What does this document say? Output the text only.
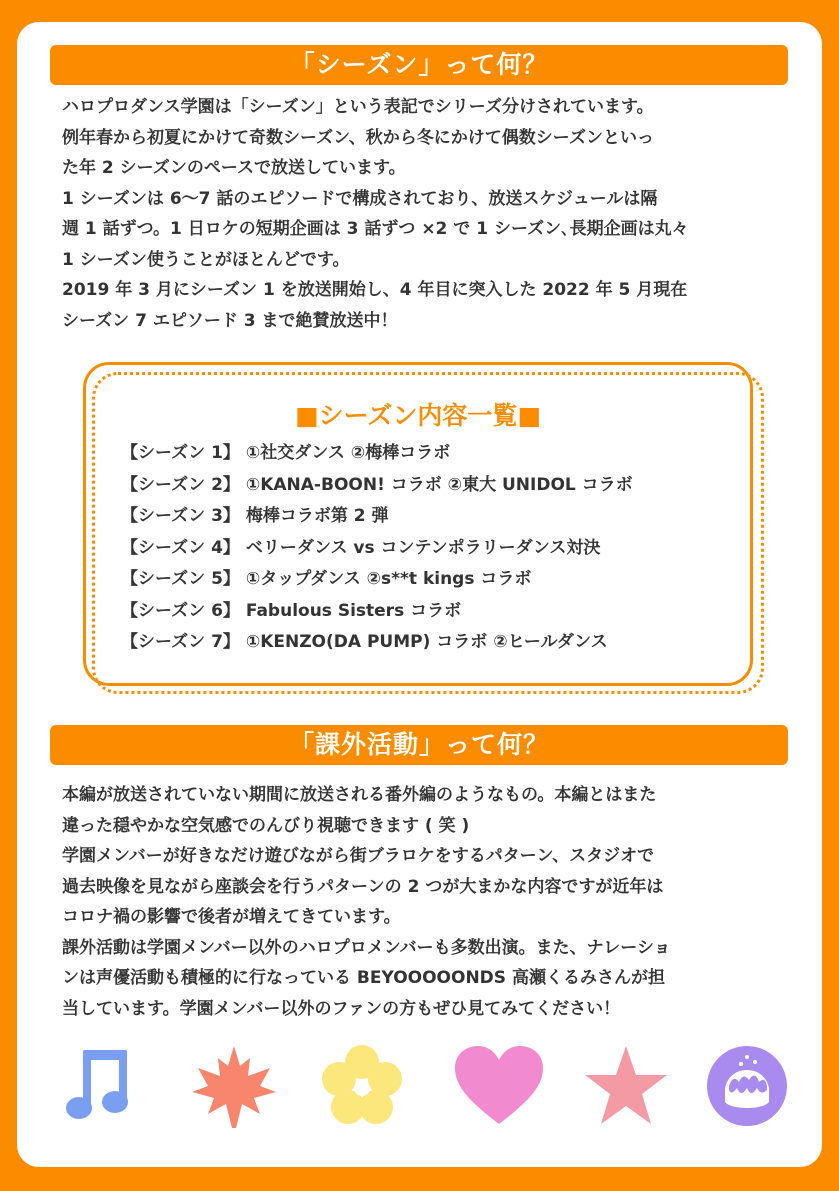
「シーズン」って何？
ハロプロダンス学園は「シーズン」という表記でシリーズ分けされています。
例年春から初夏にかけて奇数シーズン、秋から冬にかけて偶数シーズンといっ
た年 2 シーズンのペースで放送しています。
1 シーズンは 6〜7 話のエピソードで構成されており、放送スケジュールは隔
週 1 話ずつ。1 日ロケの短期企画は 3 話ずつ ×2 で 1 シーズン､長期企画は丸々
1 シーズン使うことがほとんどです。
2019 年 3 月にシーズン 1 を放送開始し、4 年目に突入した 2022 年 5 月現在
シーズン 7 エピソード 3 まで絶賛放送中！
■シーズン内容一覧■
【シーズン 1】 ①社交ダンス ②梅棒コラボ
【シーズン 2】 ①KANA-BOON! コラボ ②東大 UNIDOL コラボ
【シーズン 3】 梅棒コラボ第 2 弾
【シーズン 4】 ベリーダンス vs コンテンポラリーダンス対決
【シーズン 5】 ①タップダンス ②s**t kings コラボ
【シーズン 6】 Fabulous Sisters コラボ
【シーズン 7】 ①KENZO(DA PUMP) コラボ ②ヒールダンス
「課外活動」って何？
本編が放送されていない期間に放送される番外編のようなもの。本編とはまた
違った穏やかな空気感でのんびり視聴できます ( 笑 )
学園メンバーが好きなだけ遊びながら街ブラロケをするパターン、スタジオで
過去映像を見ながら座談会を行うパターンの 2 つが大まかな内容ですが近年は
コロナ禍の影響で後者が増えてきています。
課外活動は学園メンバー以外のハロプロメンバーも多数出演。また、ナレーショ
ンは声優活動も積極的に行なっている BEYOOOOONDS 高瀬くるみさんが担
当しています。学園メンバー以外のファンの方もぜひ見てみてください！
